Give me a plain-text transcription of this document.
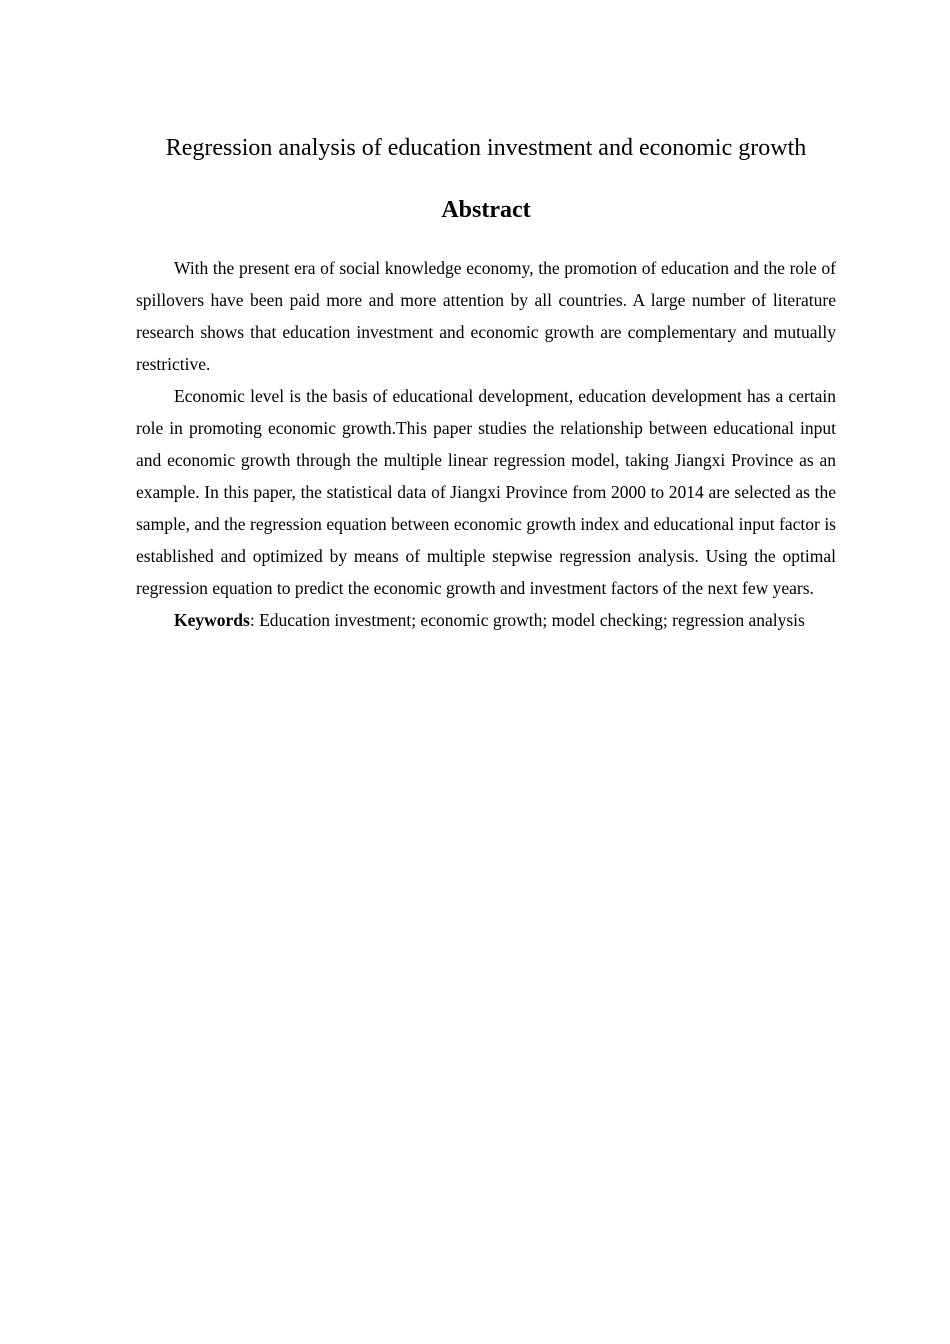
Regression analysis of education investment and economic growth
Abstract

With the present era of social knowledge economy, the promotion of education and the role of spillovers have been paid more and more attention by all countries. A large number of literature research shows that education investment and economic growth are complementary and mutually restrictive.

Economic level is the basis of educational development, education development has a certain role in promoting economic growth.This paper studies the relationship between educational input and economic growth through the multiple linear regression model, taking Jiangxi Province as an example. In this paper, the statistical data of Jiangxi Province from 2000 to 2014 are selected as the sample, and the regression equation between economic growth index and educational input factor is established and optimized by means of multiple stepwise regression analysis. Using the optimal regression equation to predict the economic growth and investment factors of the next few years.

Keywords: Education investment; economic growth; model checking; regression analysis
